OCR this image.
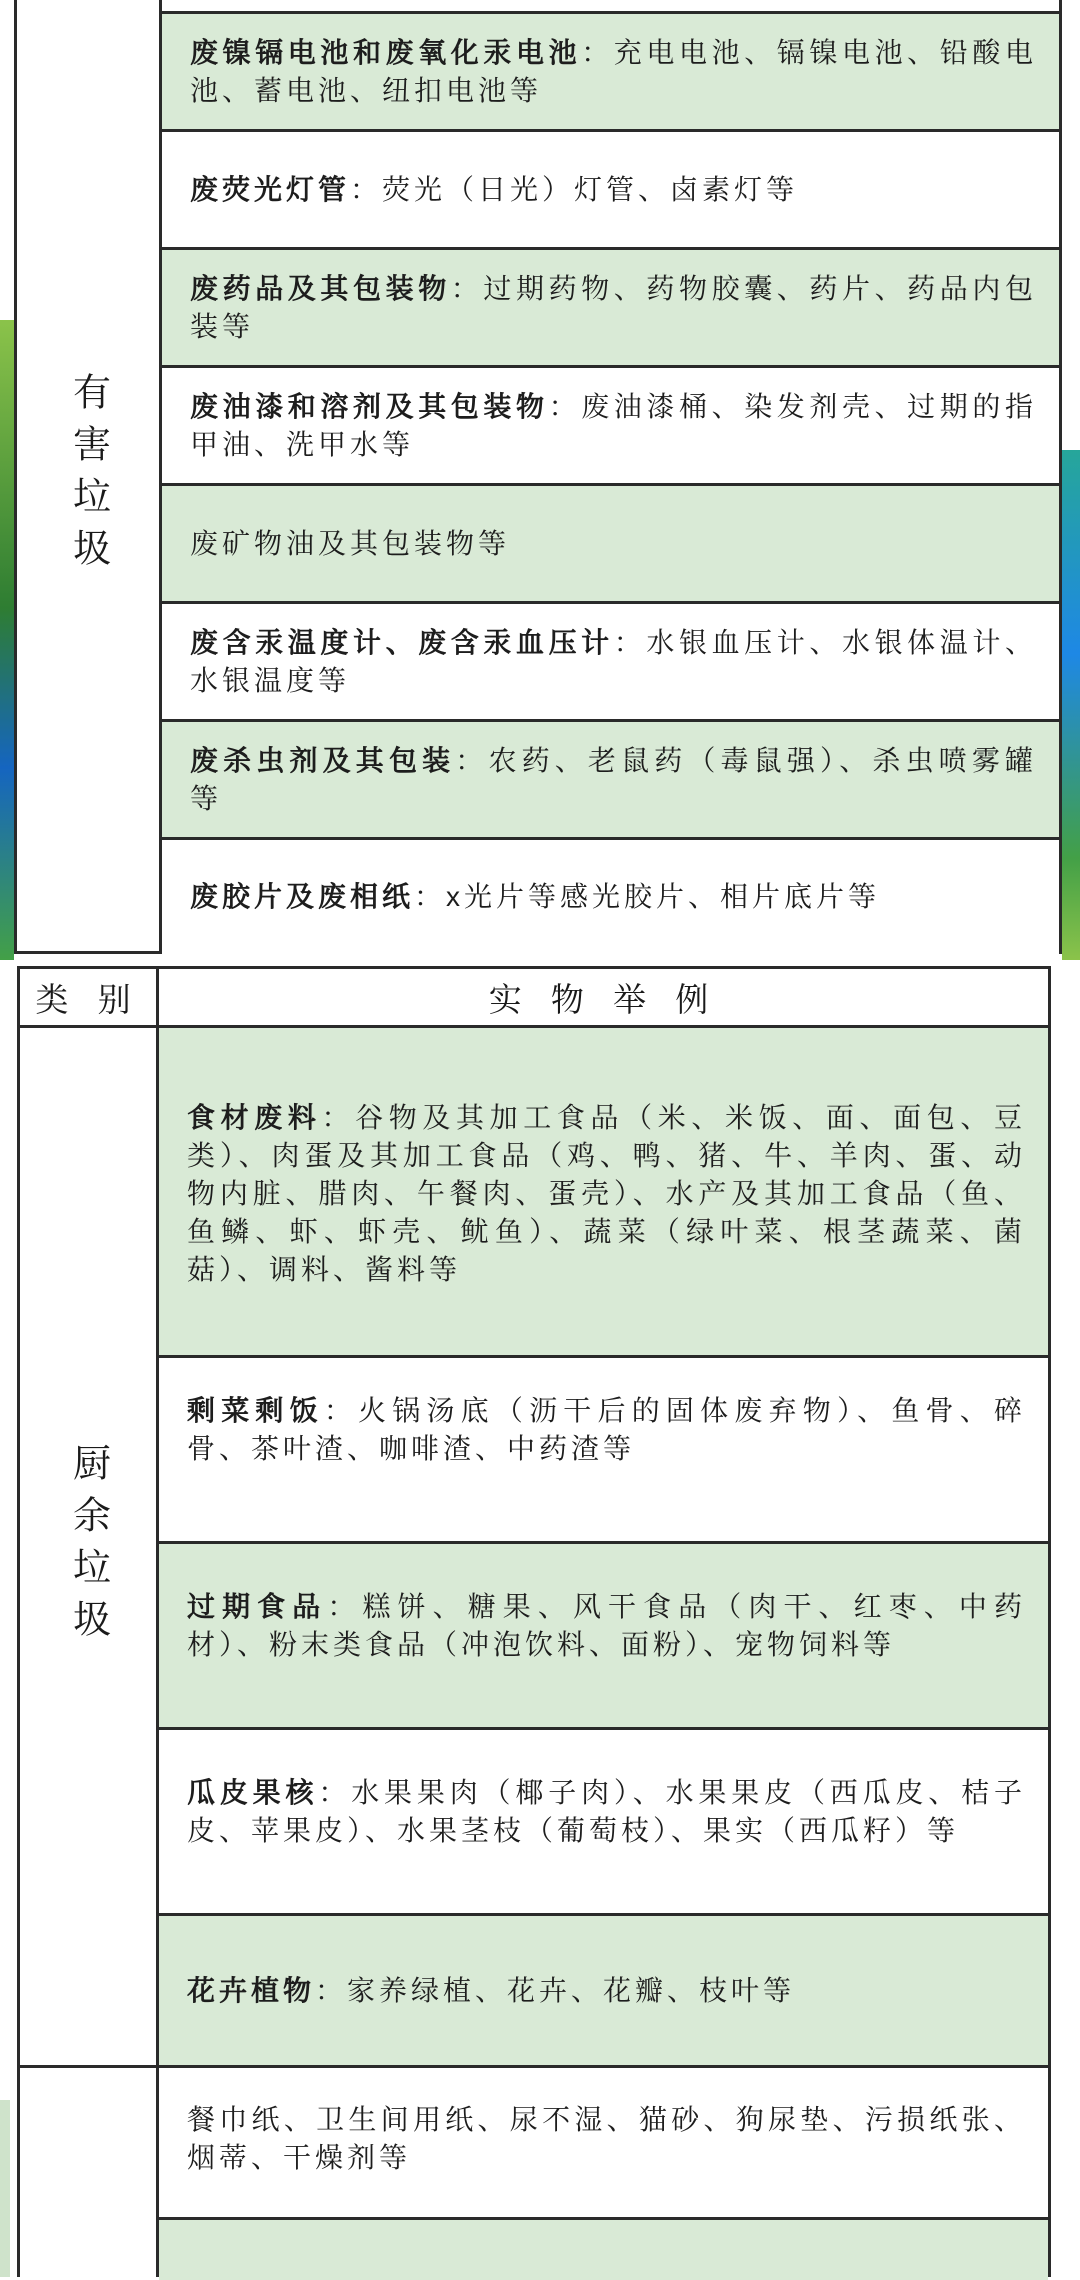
有害垃圾
废镍镉电池和废氧化汞电池：充电电池、镉镍电池、铅酸电池、蓄电池、纽扣电池等
废荧光灯管：荧光（日光）灯管、卤素灯等
废药品及其包装物：过期药物、药物胶囊、药片、药品内包装等
废油漆和溶剂及其包装物：废油漆桶、染发剂壳、过期的指甲油、洗甲水等
废矿物油及其包装物等
废含汞温度计、废含汞血压计：水银血压计、水银体温计、水银温度等
废杀虫剂及其包装：农药、老鼠药（毒鼠强）、杀虫喷雾罐等
废胶片及废相纸：x光片等感光胶片、相片底片等
类 别	实 物 举 例
厨余垃圾
食材废料：谷物及其加工食品（米、米饭、面、面包、豆类）、肉蛋及其加工食品（鸡、鸭、猪、牛、羊肉、蛋、动物内脏、腊肉、午餐肉、蛋壳）、水产及其加工食品（鱼、鱼鳞、虾、虾壳、鱿鱼）、蔬菜（绿叶菜、根茎蔬菜、菌菇）、调料、酱料等
剩菜剩饭：火锅汤底（沥干后的固体废弃物）、鱼骨、碎骨、茶叶渣、咖啡渣、中药渣等
过期食品：糕饼、糖果、风干食品（肉干、红枣、中药材）、粉末类食品（冲泡饮料、面粉）、宠物饲料等
瓜皮果核：水果果肉（椰子肉）、水果果皮（西瓜皮、桔子皮、苹果皮）、水果茎枝（葡萄枝）、果实（西瓜籽）等
花卉植物：家养绿植、花卉、花瓣、枝叶等
餐巾纸、卫生间用纸、尿不湿、猫砂、狗尿垫、污损纸张、烟蒂、干燥剂等
